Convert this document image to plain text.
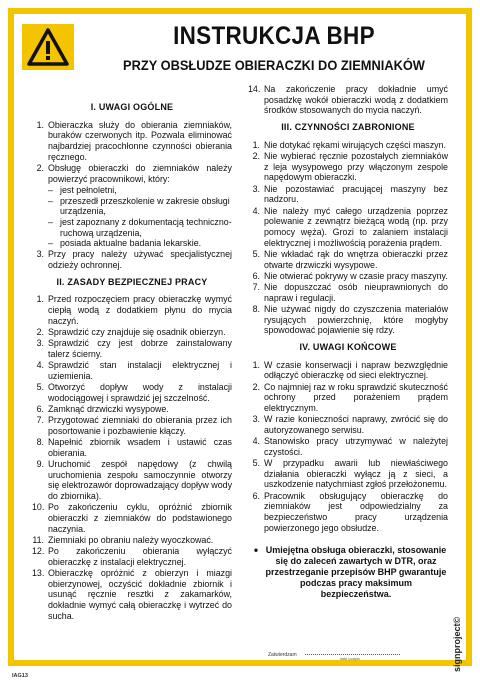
INSTRUKCJA BHP
PRZY OBSŁUDZE OBIERACZKI DO ZIEMNIAKÓW
I. UWAGI OGÓLNE
1. Obieraczka służy do obierania ziemniaków, buraków czerwonych itp. Pozwala eliminować najbardziej pracochłonne czynności obierania ręcznego.
2. Obsługę obieraczki do ziemniaków należy powierzyć pracownikowi, który:
– jest pełnoletni,
– przeszedł przeszkolenie w zakresie obsługi urządzenia,
– jest zapoznany z dokumentacją techniczno-ruchową urządzenia,
– posiada aktualne badania lekarskie.
3. Przy pracy należy używać specjalistycznej odzieży ochronnej.
II. ZASADY BEZPIECZNEJ PRACY
1. Przed rozpoczęciem pracy obieraczkę wymyć ciepłą wodą z dodatkiem płynu do mycia naczyń.
2. Sprawdzić czy znajduje się osadnik obierzyn.
3. Sprawdzić czy jest dobrze zainstalowany talerz ścierny.
4. Sprawdzić stan instalacji elektrycznej i uziemienia.
5. Otworzyć dopływ wody z instalacji wodociągowej i sprawdzić jej szczelność.
6. Zamknąć drzwiczki wysypowe.
7. Przygotować ziemniaki do obierania przez ich posortowanie i pozbawienie kłączy.
8. Napełnić zbiornik wsadem i ustawić czas obierania.
9. Uruchomić zespół napędowy (z chwilą uruchomienia zespołu samoczynnie otworzy się elektrozawór doprowadzający dopływ wody do zbiornika).
10. Po zakończeniu cyklu, opróżnić zbiornik obieraczki z ziemniaków do podstawionego naczynia.
11. Ziemniaki po obraniu należy wyoczkować.
12. Po zakończeniu obierania wyłączyć obieraczkę z instalacji elektrycznej.
13. Obieraczkę opróżnić z obierzyn i miazgi obierzynowej, oczyścić dokładnie zbiornik i usunąć ręcznie resztki z zakamarków, dokładnie wymyć całą obieraczkę i wytrzeć do sucha.
14. Na zakończenie pracy dokładnie umyć posadzkę wokół obieraczki wodą z dodatkiem środków stosowanych do mycia naczyń.
III. CZYNNOŚCI ZABRONIONE
1. Nie dotykać rękami wirujących części maszyn.
2. Nie wybierać ręcznie pozostałych ziemniaków z leja wysypowego przy włączonym zespole napędowym obieraczki.
3. Nie pozostawiać pracującej maszyny bez nadzoru.
4. Nie należy myć całego urządzenia poprzez polewanie z zewnątrz bieżącą wodą (np. przy pomocy węża). Grozi to zalaniem instalacji elektrycznej i możliwością porażenia prądem.
5. Nie wkładać rąk do wnętrza obieraczki przez otwarte drzwiczki wysypowe.
6. Nie otwierać pokrywy w czasie pracy maszyny.
7. Nie dopuszczać osób nieuprawnionych do napraw i regulacji.
8. Nie używać nigdy do czyszczenia materiałów rysujących powierzchnię, które mogłyby spowodować pojawienie się rdzy.
IV. UWAGI KOŃCOWE
1. W czasie konserwacji i napraw bezwzględnie odłączyć obieraczkę od sieci elektrycznej.
2. Co najmniej raz w roku sprawdzić skuteczność ochrony przed porażeniem prądem elektrycznym.
3. W razie konieczności naprawy, zwrócić się do autoryzowanego serwisu.
4. Stanowisko pracy utrzymywać w należytej czystości.
5. W przypadku awarii lub niewłaściwego działania obieraczki wyłącz ją z sieci, a uszkodzenie natychmiast zgłoś przełożonemu.
6. Pracownik obsługujący obieraczkę do ziemniaków jest odpowiedzialny za bezpieczeństwo pracy urządzenia powierzonego jego obsłudze.
• Umiejętna obsługa obieraczki, stosowanie się do zaleceń zawartych w DTR, oraz przestrzeganie przepisów BHP gwarantuje podczas pracy maksimum bezpieczeństwa.
Zatwierdzam
data i podpis	signproject©
IAG13
